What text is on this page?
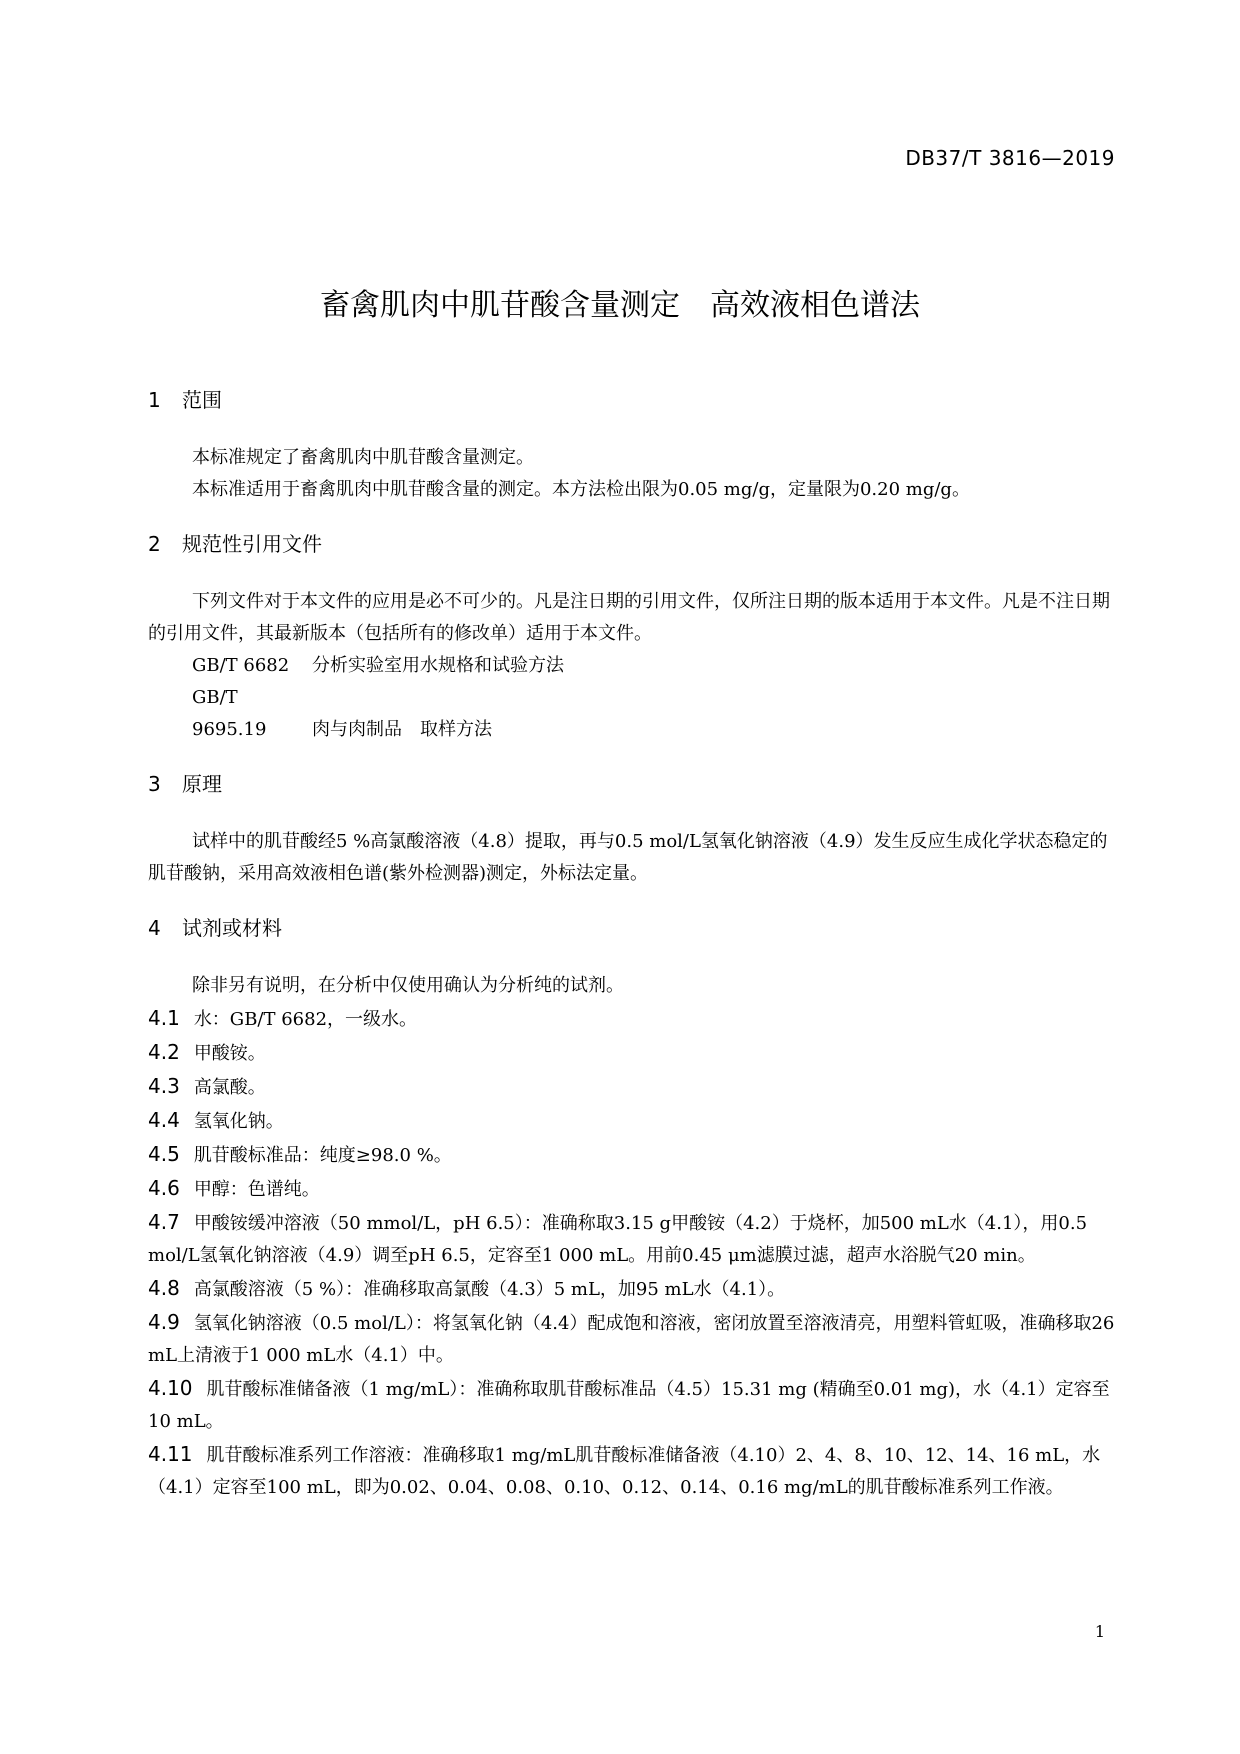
DB37/T 3816—2019
畜禽肌肉中肌苷酸含量测定 高效液相色谱法
1 范围

本标准规定了畜禽肌肉中肌苷酸含量测定。

本标准适用于畜禽肌肉中肌苷酸含量的测定。本方法检出限为0.05 mg/g，定量限为0.20 mg/g。

2 规范性引用文件

下列文件对于本文件的应用是必不可少的。凡是注日期的引用文件，仅所注日期的版本适用于本文件。凡是不注日期的引用文件，其最新版本（包括所有的修改单）适用于本文件。

GB/T 6682 分析实验室用水规格和试验方法

GB/T 9695.19	肉与肉制品　取样方法

3 原理

试样中的肌苷酸经5 %高氯酸溶液（4.8）提取，再与0.5 mol/L氢氧化钠溶液（4.9）发生反应生成化学状态稳定的肌苷酸钠，采用高效液相色谱(紫外检测器)测定，外标法定量。

4 试剂或材料

除非另有说明，在分析中仅使用确认为分析纯的试剂。

4.1 水：GB/T 6682，一级水。

4.2 甲酸铵。

4.3 高氯酸。

4.4 氢氧化钠。

4.5 肌苷酸标准品：纯度≥98.0 %。

4.6 甲醇：色谱纯。

4.7 甲酸铵缓冲溶液（50 mmol/L，pH 6.5）：准确称取3.15 g甲酸铵（4.2）于烧杯，加500 mL水（4.1），用0.5 mol/L氢氧化钠溶液（4.9）调至pH 6.5，定容至1 000 mL。用前0.45 μm滤膜过滤，超声水浴脱气20 min。

4.8 高氯酸溶液（5 %）：准确移取高氯酸（4.3）5 mL，加95 mL水（4.1）。

4.9 氢氧化钠溶液（0.5 mol/L）：将氢氧化钠（4.4）配成饱和溶液，密闭放置至溶液清亮，用塑料管虹吸，准确移取26 mL上清液于1 000 mL水（4.1）中。

4.10 肌苷酸标准储备液（1 mg/mL）：准确称取肌苷酸标准品（4.5）15.31 mg (精确至0.01 mg)，水（4.1）定容至10 mL。

4.11 肌苷酸标准系列工作溶液：准确移取1 mg/mL肌苷酸标准储备液（4.10）2、4、8、10、12、14、16 mL，水（4.1）定容至100 mL，即为0.02、0.04、0.08、0.10、0.12、0.14、0.16 mg/mL的肌苷酸标准系列工作液。

1
